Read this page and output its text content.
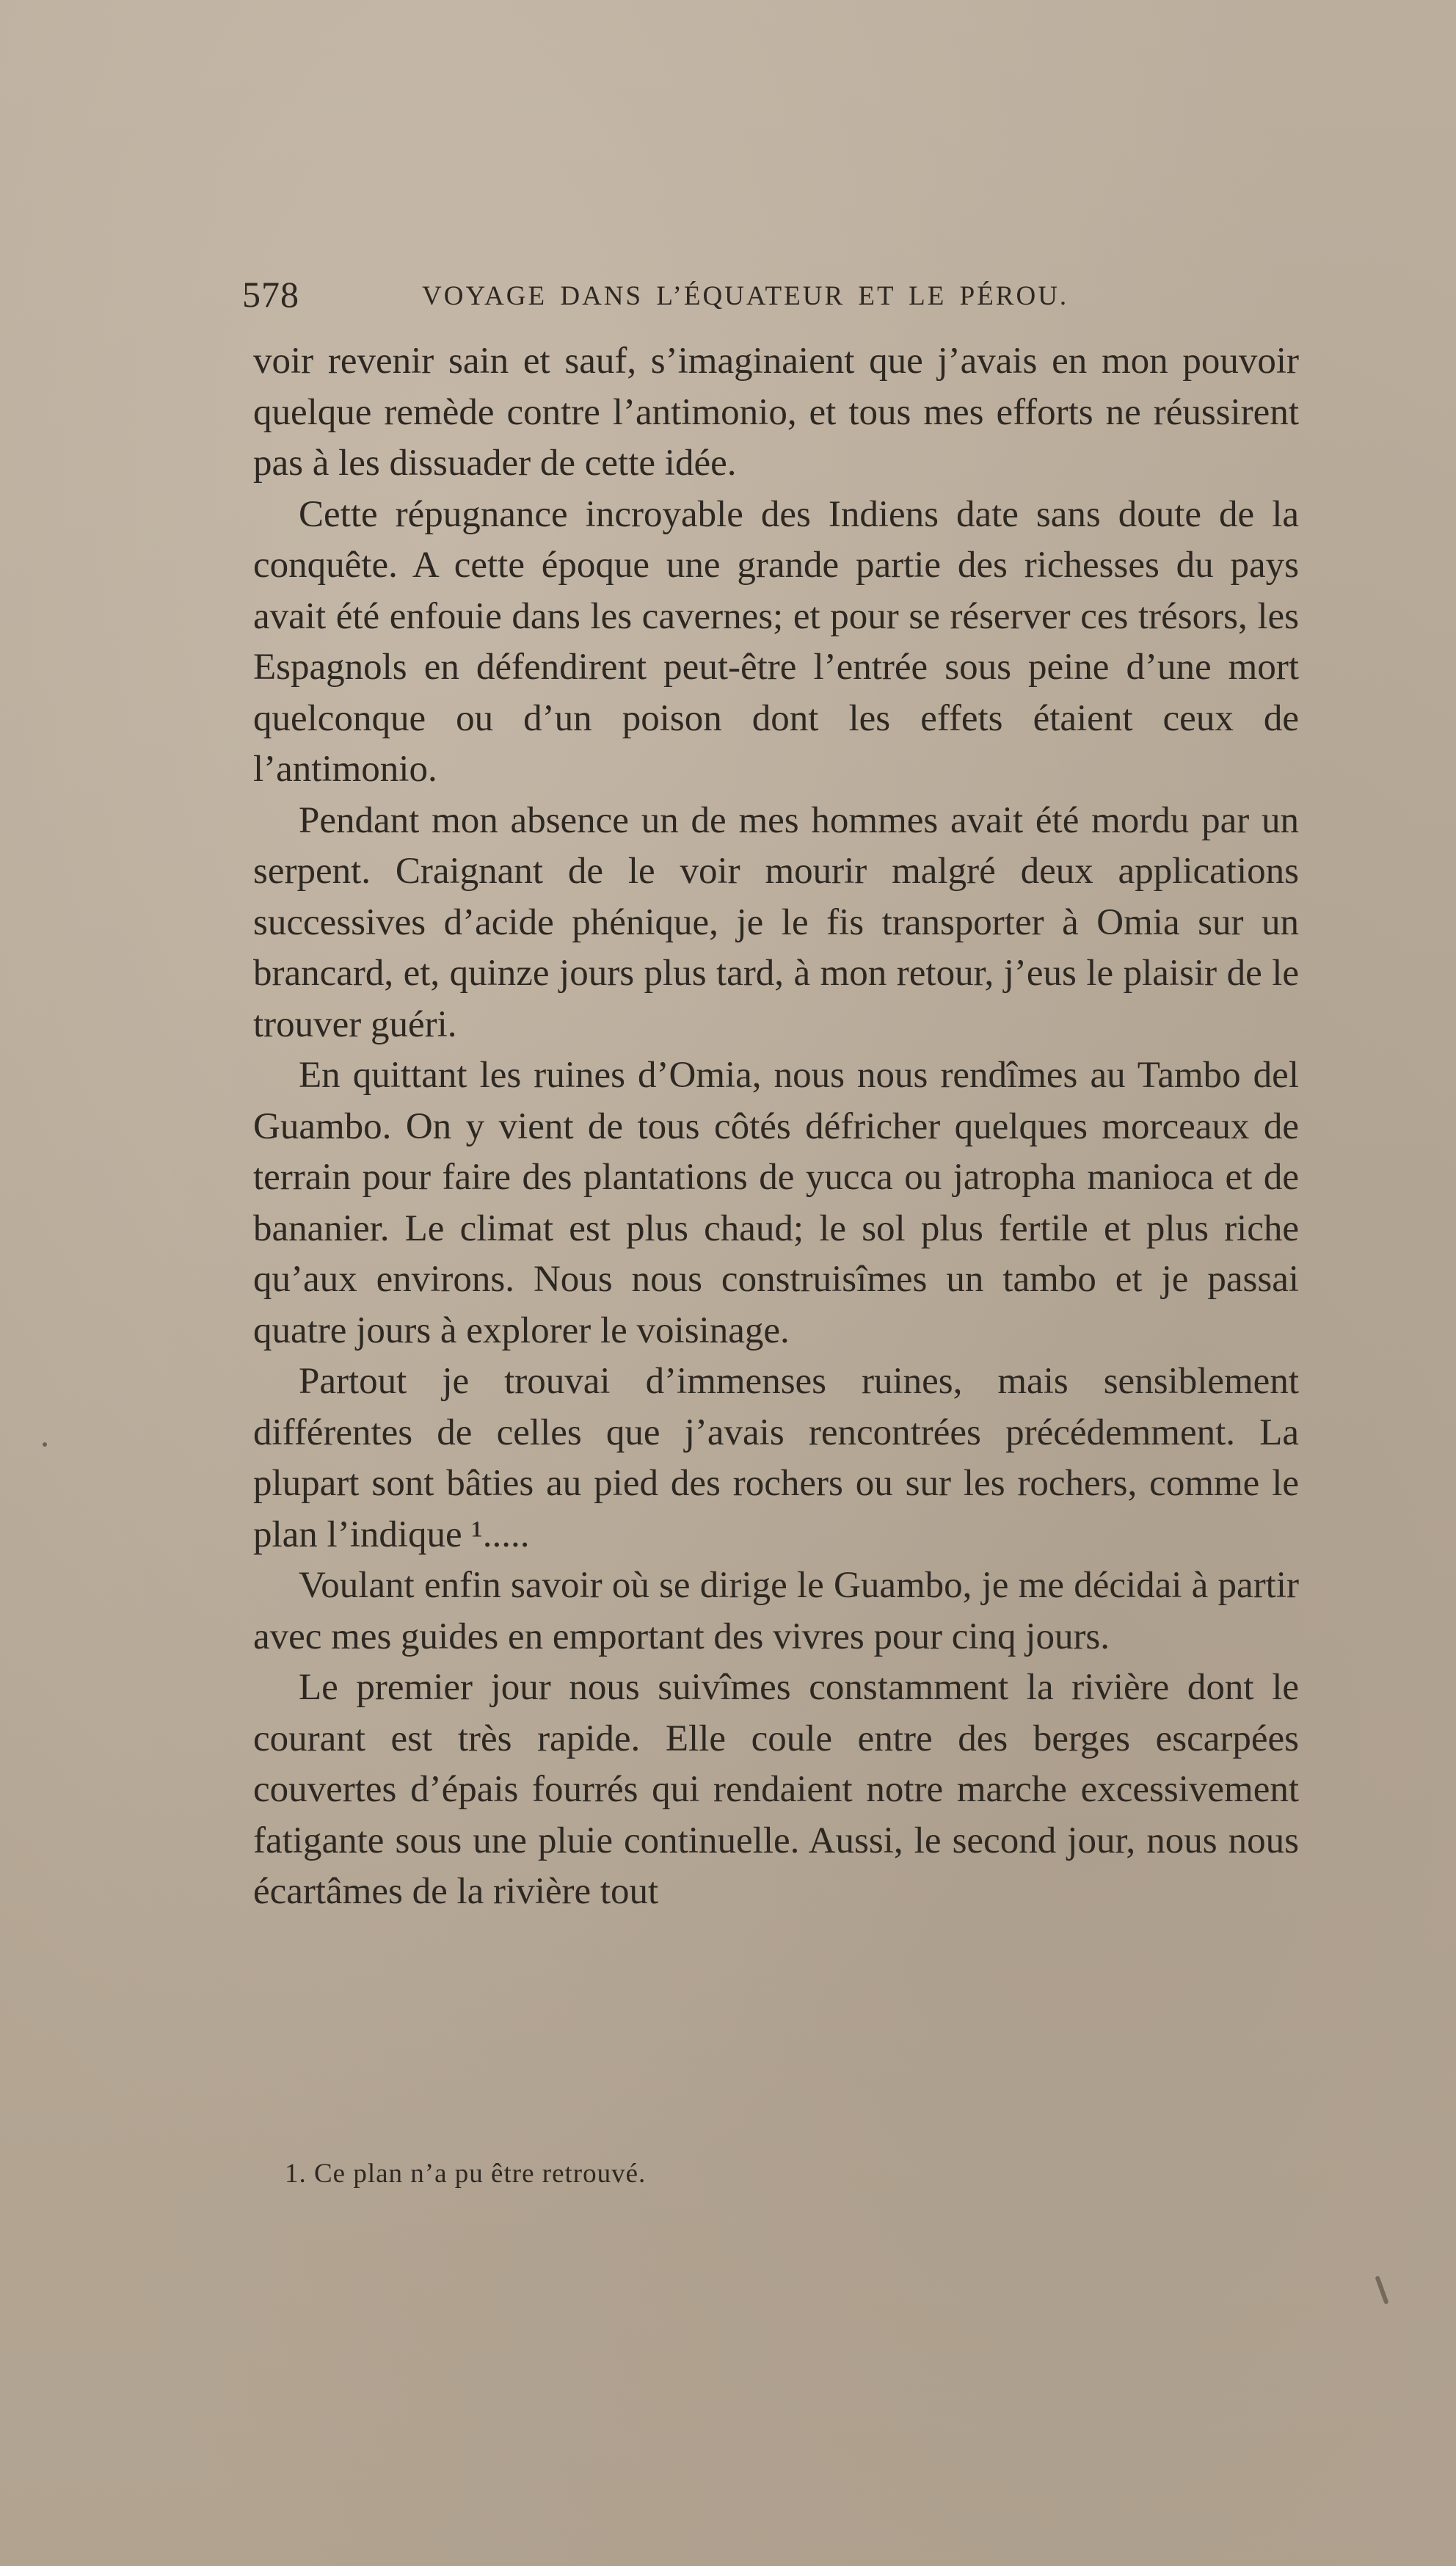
578	VOYAGE DANS L’ÉQUATEUR ET LE PÉROU.

voir revenir sain et sauf, s’imaginaient que j’avais en mon pouvoir quelque remède contre l’antimonio, et tous mes efforts ne réussirent pas à les dissuader de cette idée.

Cette répugnance incroyable des Indiens date sans doute de la conquête. A cette époque une grande partie des richesses du pays avait été enfouie dans les cavernes; et pour se réserver ces trésors, les Espagnols en défendirent peut-être l’entrée sous peine d’une mort quelconque ou d’un poison dont les effets étaient ceux de l’antimonio.

Pendant mon absence un de mes hommes avait été mordu par un serpent. Craignant de le voir mourir malgré deux applications successives d’acide phénique, je le fis transporter à Omia sur un brancard, et, quinze jours plus tard, à mon retour, j’eus le plaisir de le trouver guéri.

En quittant les ruines d’Omia, nous nous rendîmes au Tambo del Guambo. On y vient de tous côtés défricher quelques morceaux de terrain pour faire des plantations de yucca ou jatropha manioca et de bananier. Le climat est plus chaud; le sol plus fertile et plus riche qu’aux environs. Nous nous construisîmes un tambo et je passai quatre jours à explorer le voisinage.

Partout je trouvai d’immenses ruines, mais sensiblement différentes de celles que j’avais rencontrées précédemment. La plupart sont bâties au pied des rochers ou sur les rochers, comme le plan l’indique ¹.....

Voulant enfin savoir où se dirige le Guambo, je me décidai à partir avec mes guides en emportant des vivres pour cinq jours.

Le premier jour nous suivîmes constamment la rivière dont le courant est très rapide. Elle coule entre des berges escarpées couvertes d’épais fourrés qui rendaient notre marche excessivement fatigante sous une pluie continuelle. Aussi, le second jour, nous nous écartâmes de la rivière tout

1. Ce plan n’a pu être retrouvé.
